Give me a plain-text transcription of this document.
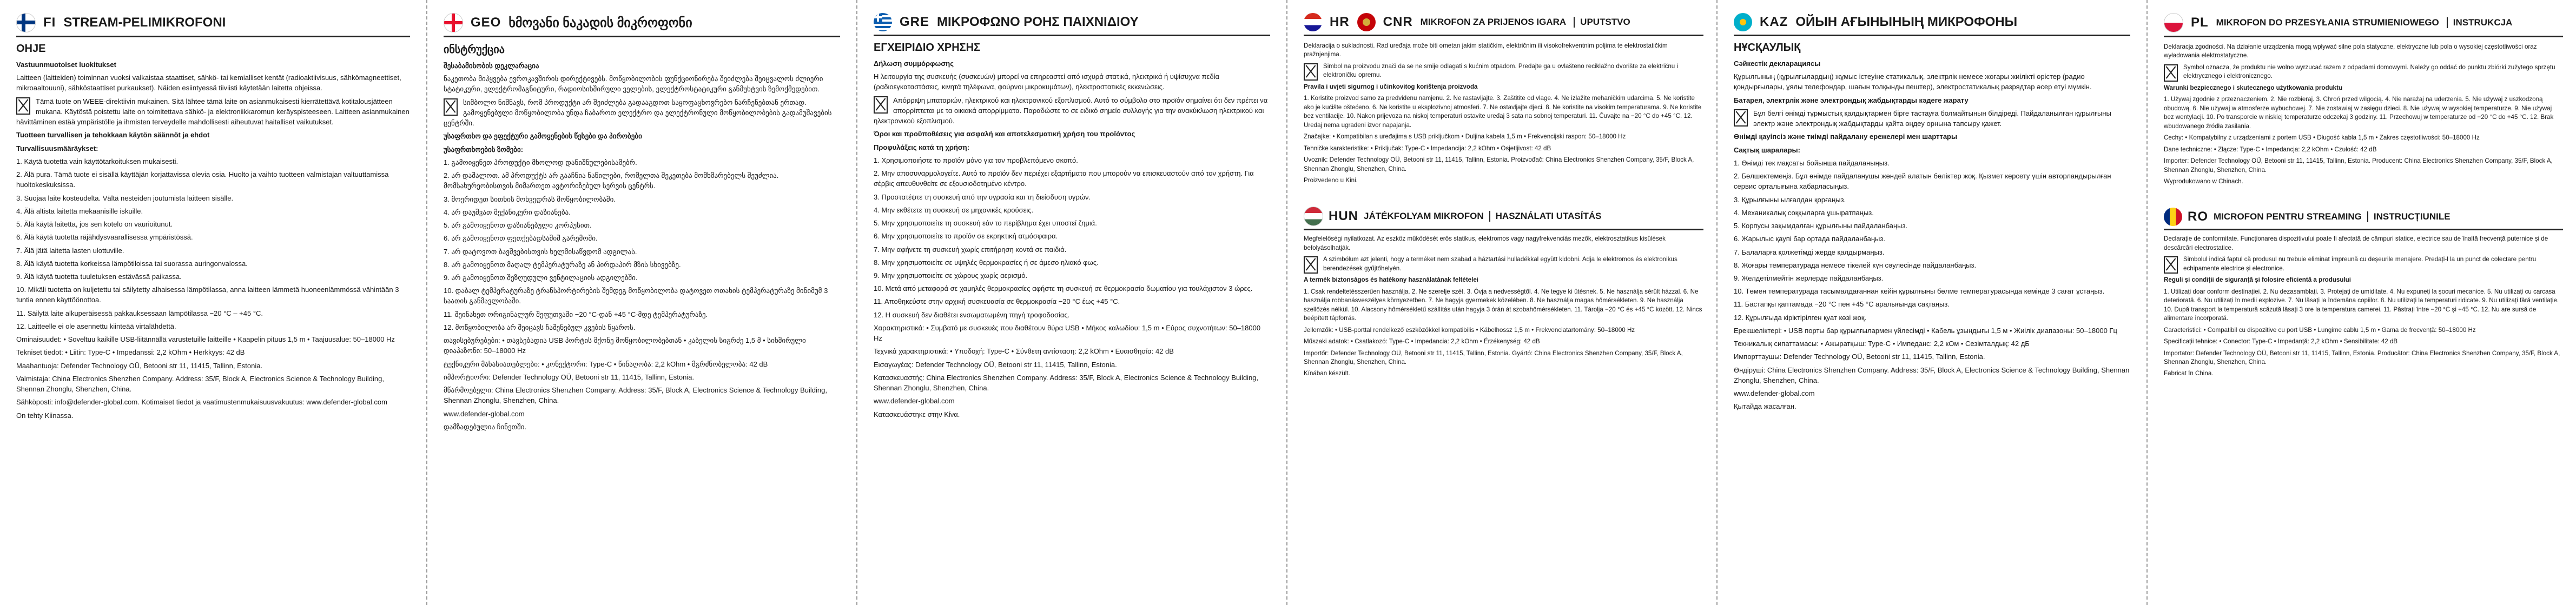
FI STREAM-PELIMIKROFONI
OHJE

Vastuunmuotoiset luokitukset

Laitteen (laitteiden) toiminnan vuoksi valkaistaa staattiset, sähkö- tai kemialliset kentät (radioaktiivisuus, sähkömagneettiset, mikroaaltouuni), sähköstaattiset purkaukset). Näiden esiintyessä tiiviisti käytetään laitetta ohjeissa.

Tämä tuote on WEEE-direktiivin mukainen. Sitä lähtee tämä laite on asianmukaisesti kierrätettävä kotitalousjätteen mukana. Käytöstä poistettu laite on toimitettava sähkö- ja elektroniikkaromun keräyspisteeseen. Laitteen asianmukainen hävittäminen estää ympäristölle ja ihmisten terveydelle mahdollisesti aiheutuvat haitalliset vaikutukset.

Tuotteen turvallisen ja tehokkaan käytön säännöt ja ehdot

Turvallisuusmääräykset:

1. Käytä tuotetta vain käyttötarkoituksen mukaisesti.

2. Älä pura. Tämä tuote ei sisällä käyttäjän korjattavissa olevia osia. Huolto ja vaihto tuotteen valmistajan valtuuttamissa huoltokeskuksissa.

3. Suojaa laite kosteudelta. Vältä nesteiden joutumista laitteen sisälle.

4. Älä altista laitetta mekaanisille iskuille.

5. Älä käytä laitetta, jos sen kotelo on vaurioitunut.

6. Älä käytä tuotetta räjähdysvaarallisessa ympäristössä.

7. Älä jätä laitetta lasten ulottuville.

8. Älä käytä tuotetta korkeissa lämpötiloissa tai suorassa auringonvalossa.

9. Älä käytä tuotetta tuuletuksen estävässä paikassa.

10. Mikäli tuotetta on kuljetettu tai säilytetty alhaisessa lämpötilassa, anna laitteen lämmetä huoneenlämmössä vähintään 3 tuntia ennen käyttöönottoa.

11. Säilytä laite alkuperäisessä pakkauksessaan lämpötilassa −20 °C – +45 °C.

12. Laitteelle ei ole asennettu kiinteää virtalähdettä.

Ominaisuudet: • Soveltuu kaikille USB-liitännällä varustetuille laitteille • Kaapelin pituus 1,5 m • Taajuusalue: 50–18000 Hz

Tekniset tiedot: • Liitin: Type-C • Impedanssi: 2,2 kOhm • Herkkyys: 42 dB

Maahantuoja: Defender Technology OÜ, Betooni str 11, 11415, Tallinn, Estonia.

Valmistaja: China Electronics Shenzhen Company. Address: 35/F, Block A, Electronics Science & Technology Building, Shennan Zhonglu, Shenzhen, China.

Sähköposti: info@defender-global.com. Kotimaiset tiedot ja vaatimustenmukaisuusvakuutus: www.defender-global.com

On tehty Kiinassa.

GEO ხმოვანი ნაკადის მიკროფონი
ინსტრუქცია

შესაბამისობის დეკლარაცია

ნაკეთობა მიჰყვება ევროკავშირის დირექტივებს. მოწყობილობის ფუნქციონირება შეიძლება შეიცვალოს ძლიერი სტატიკური, ელექტრომაგნიტური, რადიოსიხშირული ველების, ელექტროსტატიკური განმუხტვის ზემოქმედებით.

სიმბოლო ნიშნავს, რომ პროდუქტი არ შეიძლება გადააგდოთ საყოფაცხოვრებო ნარჩენებთან ერთად. გამოყენებული მოწყობილობა უნდა ჩაბაროთ ელექტრო და ელექტრონული მოწყობილობების გადამუშავების ცენტრში.

უსაფრთხო და ეფექტური გამოყენების წესები და პირობები

უსაფრთხოების ზომები:

1. გამოიყენეთ პროდუქტი მხოლოდ დანიშნულებისამებრ.

2. არ დაშალოთ. ამ პროდუქტს არ გააჩნია ნაწილები, რომელთა შეკეთება მომხმარებელს შეუძლია. მომსახურეობისთვის მიმართეთ ავტორიზებულ სერვის ცენტრს.

3. მოერიდეთ სითხის მოხვედრას მოწყობილობაში.

4. არ დაუშვათ მექანიკური დაზიანება.

5. არ გამოიყენოთ დაზიანებული კორპუსით.

6. არ გამოიყენოთ ფეთქებადსაშიშ გარემოში.

7. არ დატოვოთ ბავშვებისთვის ხელმისაწვდომ ადგილას.

8. არ გამოიყენოთ მაღალ ტემპერატურაზე ან პირდაპირ მზის სხივებზე.

9. არ გამოიყენოთ შეზღუდული ვენტილაციის ადგილებში.

10. დაბალ ტემპერატურაზე ტრანსპორტირების შემდეგ მოწყობილობა დატოვეთ ოთახის ტემპერატურაზე მინიმუმ 3 საათის განმავლობაში.

11. შეინახეთ ორიგინალურ შეფუთვაში −20 °C-დან +45 °C-მდე ტემპერატურაზე.

12. მოწყობილობა არ შეიცავს ჩაშენებულ კვების წყაროს.

თავისებურებები: • თავსებადია USB პორტის მქონე მოწყობილობებთან • კაბელის სიგრძე 1,5 მ • სიხშირული დიაპაზონი: 50–18000 Hz

ტექნიკური მახასიათებლები: • კონექტორი: Type-C • წინაღობა: 2,2 kOhm • მგრძნობელობა: 42 dB

იმპორტიორი: Defender Technology OÜ, Betooni str 11, 11415, Tallinn, Estonia.

მწარმოებელი: China Electronics Shenzhen Company. Address: 35/F, Block A, Electronics Science & Technology Building, Shennan Zhonglu, Shenzhen, China.

www.defender-global.com

დამზადებულია ჩინეთში.

GRE ΜΙΚΡΟΦΩΝΟ ΡΟΗΣ ΠΑΙΧΝΙΔΙΟΥ
ΕΓΧΕΙΡΙΔΙΟ ΧΡΗΣΗΣ

Δήλωση συμμόρφωσης

Η λειτουργία της συσκευής (συσκευών) μπορεί να επηρεαστεί από ισχυρά στατικά, ηλεκτρικά ή υψίσυχνα πεδία (ραδιοεγκαταστάσεις, κινητά τηλέφωνα, φούρνοι μικροκυμάτων), ηλεκτροστατικές εκκενώσεις.

Απόρριψη μπαταριών, ηλεκτρικού και ηλεκτρονικού εξοπλισμού. Αυτό το σύμβολο στο προϊόν σημαίνει ότι δεν πρέπει να απορρίπτεται με τα οικιακά απορρίμματα. Παραδώστε το σε ειδικό σημείο συλλογής για την ανακύκλωση ηλεκτρικού και ηλεκτρονικού εξοπλισμού.

Όροι και προϋποθέσεις για ασφαλή και αποτελεσματική χρήση του προϊόντος

Προφυλάξεις κατά τη χρήση:

1. Χρησιμοποιήστε το προϊόν μόνο για τον προβλεπόμενο σκοπό.

2. Μην αποσυναρμολογείτε. Αυτό το προϊόν δεν περιέχει εξαρτήματα που μπορούν να επισκευαστούν από τον χρήστη. Για σέρβις απευθυνθείτε σε εξουσιοδοτημένο κέντρο.

3. Προστατέψτε τη συσκευή από την υγρασία και τη διείσδυση υγρών.

4. Μην εκθέτετε τη συσκευή σε μηχανικές κρούσεις.

5. Μην χρησιμοποιείτε τη συσκευή εάν το περίβλημα έχει υποστεί ζημιά.

6. Μην χρησιμοποιείτε το προϊόν σε εκρηκτική ατμόσφαιρα.

7. Μην αφήνετε τη συσκευή χωρίς επιτήρηση κοντά σε παιδιά.

8. Μην χρησιμοποιείτε σε υψηλές θερμοκρασίες ή σε άμεσο ηλιακό φως.

9. Μην χρησιμοποιείτε σε χώρους χωρίς αερισμό.

10. Μετά από μεταφορά σε χαμηλές θερμοκρασίες αφήστε τη συσκευή σε θερμοκρασία δωματίου για τουλάχιστον 3 ώρες.

11. Αποθηκεύστε στην αρχική συσκευασία σε θερμοκρασία −20 °C έως +45 °C.

12. Η συσκευή δεν διαθέτει ενσωματωμένη πηγή τροφοδοσίας.

Χαρακτηριστικά: • Συμβατό με συσκευές που διαθέτουν θύρα USB • Μήκος καλωδίου: 1,5 m • Εύρος συχνοτήτων: 50–18000 Hz

Τεχνικά χαρακτηριστικά: • Υποδοχή: Type-C • Σύνθετη αντίσταση: 2,2 kOhm • Ευαισθησία: 42 dB

Εισαγωγέας: Defender Technology OÜ, Betooni str 11, 11415, Tallinn, Estonia.

Κατασκευαστής: China Electronics Shenzhen Company. Address: 35/F, Block A, Electronics Science & Technology Building, Shennan Zhonglu, Shenzhen, China.

www.defender-global.com

Κατασκευάστηκε στην Κίνα.

HR	CNR MIKROFON ZA PRIJENOS IGARA	UPUTSTVO

Deklaracija o sukladnosti. Rad uređaja može biti ometan jakim statičkim, električnim ili visokofrekventnim poljima te elektrostatičkim pražnjenjima.

Simbol na proizvodu znači da se ne smije odlagati s kućnim otpadom. Predajte ga u ovlašteno reciklažno dvorište za električnu i elektroničku opremu.

Pravila i uvjeti sigurnog i učinkovitog korištenja proizvoda

1. Koristite proizvod samo za predviđenu namjenu. 2. Ne rastavljajte. 3. Zaštitite od vlage. 4. Ne izlažite mehaničkim udarcima. 5. Ne koristite ako je kućište oštećeno. 6. Ne koristite u eksplozivnoj atmosferi. 7. Ne ostavljajte djeci. 8. Ne koristite na visokim temperaturama. 9. Ne koristite bez ventilacije. 10. Nakon prijevoza na niskoj temperaturi ostavite uređaj 3 sata na sobnoj temperaturi. 11. Čuvajte na −20 °C do +45 °C. 12. Uređaj nema ugrađeni izvor napajanja.

Značajke: • Kompatibilan s uređajima s USB priključkom • Duljina kabela 1,5 m • Frekvencijski raspon: 50–18000 Hz

Tehničke karakteristike: • Priključak: Type-C • Impedancija: 2,2 kOhm • Osjetljivost: 42 dB

Uvoznik: Defender Technology OÜ, Betooni str 11, 11415, Tallinn, Estonia. Proizvođač: China Electronics Shenzhen Company, 35/F, Block A, Shennan Zhonglu, Shenzhen, China.

Proizvedeno u Kini.

HUN JÁTÉKFOLYAM MIKROFON	HASZNÁLATI UTASÍTÁS

Megfelelőségi nyilatkozat. Az eszköz működését erős statikus, elektromos vagy nagyfrekvenciás mezők, elektrosztatikus kisülések befolyásolhatják.

A szimbólum azt jelenti, hogy a terméket nem szabad a háztartási hulladékkal együtt kidobni. Adja le elektromos és elektronikus berendezések gyűjtőhelyén.

A termék biztonságos és hatékony használatának feltételei

1. Csak rendeltetésszerűen használja. 2. Ne szerelje szét. 3. Óvja a nedvességtől. 4. Ne tegye ki ütésnek. 5. Ne használja sérült házzal. 6. Ne használja robbanásveszélyes környezetben. 7. Ne hagyja gyermekek közelében. 8. Ne használja magas hőmérsékleten. 9. Ne használja szellőzés nélkül. 10. Alacsony hőmérsékletű szállítás után hagyja 3 órán át szobahőmérsékleten. 11. Tárolja −20 °C és +45 °C között. 12. Nincs beépített tápforrás.

Jellemzők: • USB-porttal rendelkező eszközökkel kompatibilis • Kábelhossz 1,5 m • Frekvenciatartomány: 50–18000 Hz

Műszaki adatok: • Csatlakozó: Type-C • Impedancia: 2,2 kOhm • Érzékenység: 42 dB

Importőr: Defender Technology OÜ, Betooni str 11, 11415, Tallinn, Estonia. Gyártó: China Electronics Shenzhen Company, 35/F, Block A, Shennan Zhonglu, Shenzhen, China.

Kínában készült.

KAZ ОЙЫН АҒЫНЫНЫҢ МИКРОФОНЫ
НҰСҚАУЛЫҚ

Сәйкестік декларациясы

Құрылғының (құрылғылардың) жұмыс істеуіне статикалық, электрлік немесе жоғары жиілікті өрістер (радио қондырғылары, ұялы телефондар, шағын толқынды пештер), электростатикалық разрядтар әсер етуі мүмкін.

Батарея, электрлік және электрондық жабдықтарды кәдеге жарату

Бұл белгі өнімді тұрмыстық қалдықтармен бірге тастауға болмайтынын білдіреді. Пайдаланылған құрылғыны электр және электрондық жабдықтарды қайта өңдеу орнына тапсыру қажет.

Өнімді қауіпсіз және тиімді пайдалану ережелері мен шарттары

Сақтық шаралары:

1. Өнімді тек мақсаты бойынша пайдаланыңыз.

2. Бөлшектемеңіз. Бұл өнімде пайдаланушы жөндей алатын бөліктер жоқ. Қызмет көрсету үшін авторландырылған сервис орталығына хабарласыңыз.

3. Құрылғыны ылғалдан қорғаңыз.

4. Механикалық соққыларға ұшыратпаңыз.

5. Корпусы зақымдалған құрылғыны пайдаланбаңыз.

6. Жарылыс қаупі бар ортада пайдаланбаңыз.

7. Балаларға қолжетімді жерде қалдырмаңыз.

8. Жоғары температурада немесе тікелей күн сәулесінде пайдаланбаңыз.

9. Желдетілмейтін жерлерде пайдаланбаңыз.

10. Төмен температурада тасымалдағаннан кейін құрылғыны бөлме температурасында кемінде 3 сағат ұстаңыз.

11. Бастапқы қаптамада −20 °C пен +45 °C аралығында сақтаңыз.

12. Құрылғыда кіріктірілген қуат көзі жоқ.

Ерекшеліктері: • USB порты бар құрылғылармен үйлесімді • Кабель ұзындығы 1,5 м • Жиілік диапазоны: 50–18000 Гц

Техникалық сипаттамасы: • Ажыратқыш: Type-C • Импеданс: 2,2 кОм • Сезімталдық: 42 дБ

Импорттаушы: Defender Technology OÜ, Betooni str 11, 11415, Tallinn, Estonia.

Өндіруші: China Electronics Shenzhen Company. Address: 35/F, Block A, Electronics Science & Technology Building, Shennan Zhonglu, Shenzhen, China.

www.defender-global.com

Қытайда жасалған.

PL MIKROFON DO PRZESYŁANIA STRUMIENIOWEGO	INSTRUKCJA

Deklaracja zgodności. Na działanie urządzenia mogą wpływać silne pola statyczne, elektryczne lub pola o wysokiej częstotliwości oraz wyładowania elektrostatyczne.

Symbol oznacza, że produktu nie wolno wyrzucać razem z odpadami domowymi. Należy go oddać do punktu zbiórki zużytego sprzętu elektrycznego i elektronicznego.

Warunki bezpiecznego i skutecznego użytkowania produktu

1. Używaj zgodnie z przeznaczeniem. 2. Nie rozbieraj. 3. Chroń przed wilgocią. 4. Nie narażaj na uderzenia. 5. Nie używaj z uszkodzoną obudową. 6. Nie używaj w atmosferze wybuchowej. 7. Nie zostawiaj w zasięgu dzieci. 8. Nie używaj w wysokiej temperaturze. 9. Nie używaj bez wentylacji. 10. Po transporcie w niskiej temperaturze odczekaj 3 godziny. 11. Przechowuj w temperaturze od −20 °C do +45 °C. 12. Brak wbudowanego źródła zasilania.

Cechy: • Kompatybilny z urządzeniami z portem USB • Długość kabla 1,5 m • Zakres częstotliwości: 50–18000 Hz

Dane techniczne: • Złącze: Type-C • Impedancja: 2,2 kOhm • Czułość: 42 dB

Importer: Defender Technology OÜ, Betooni str 11, 11415, Tallinn, Estonia. Producent: China Electronics Shenzhen Company, 35/F, Block A, Shennan Zhonglu, Shenzhen, China.

Wyprodukowano w Chinach.

RO MICROFON PENTRU STREAMING	INSTRUCȚIUNILE

Declarație de conformitate. Funcționarea dispozitivului poate fi afectată de câmpuri statice, electrice sau de înaltă frecvență puternice și de descărcări electrostatice.

Simbolul indică faptul că produsul nu trebuie eliminat împreună cu deșeurile menajere. Predați-l la un punct de colectare pentru echipamente electrice și electronice.

Reguli și condiții de siguranță și folosire eficientă a produsului

1. Utilizați doar conform destinației. 2. Nu dezasamblați. 3. Protejați de umiditate. 4. Nu expuneți la șocuri mecanice. 5. Nu utilizați cu carcasa deteriorată. 6. Nu utilizați în medii explozive. 7. Nu lăsați la îndemâna copiilor. 8. Nu utilizați la temperaturi ridicate. 9. Nu utilizați fără ventilație. 10. După transport la temperatură scăzută lăsați 3 ore la temperatura camerei. 11. Păstrați între −20 °C și +45 °C. 12. Nu are sursă de alimentare încorporată.

Caracteristici: • Compatibil cu dispozitive cu port USB • Lungime cablu 1,5 m • Gama de frecvență: 50–18000 Hz

Specificații tehnice: • Conector: Type-C • Impedanță: 2,2 kOhm • Sensibilitate: 42 dB

Importator: Defender Technology OÜ, Betooni str 11, 11415, Tallinn, Estonia. Producător: China Electronics Shenzhen Company, 35/F, Block A, Shennan Zhonglu, Shenzhen, China.

Fabricat în China.
